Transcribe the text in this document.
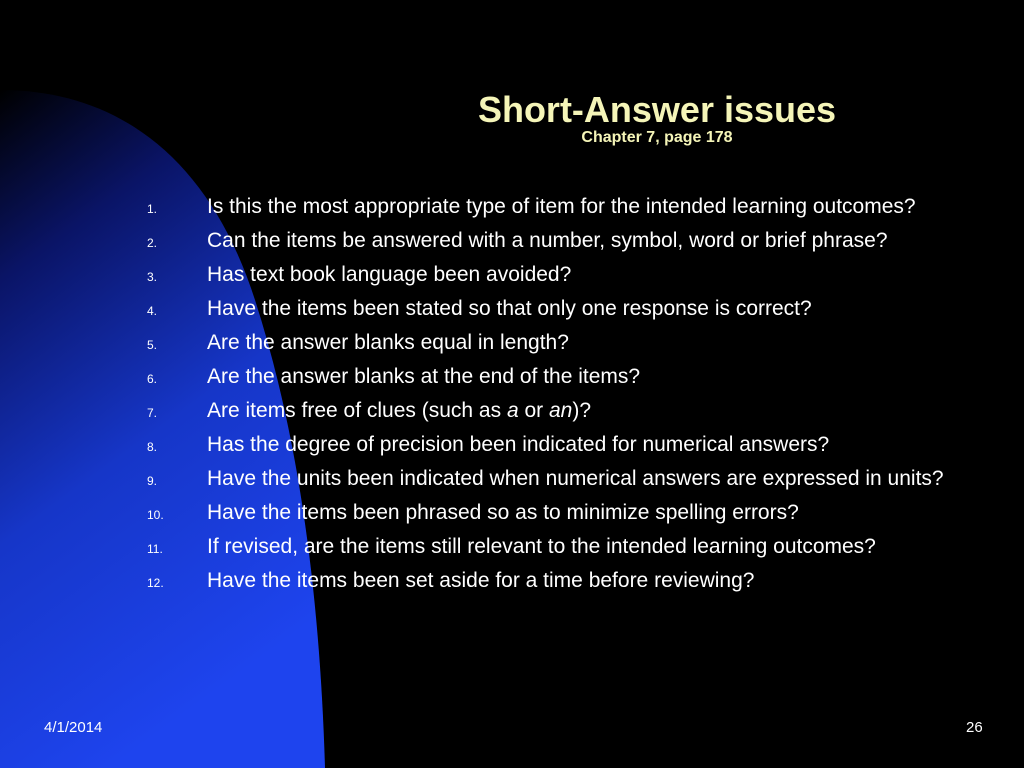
Short-Answer issues
Chapter 7, page 178
1. Is this the most appropriate type of item for the intended learning outcomes?
2. Can the items be answered with a number, symbol, word or brief phrase?
3. Has text book language been avoided?
4. Have the items been stated so that only one response is correct?
5. Are the answer blanks equal in length?
6. Are the answer blanks at the end of the items?
7. Are items free of clues (such as a or an)?
8. Has the degree of precision been indicated for numerical answers?
9. Have the units been indicated when numerical answers are expressed in units?
10. Have the items been phrased so as to minimize spelling errors?
11. If revised, are the items still relevant to the intended learning outcomes?
12. Have the items been set aside for a time before reviewing?
4/1/2014	26
